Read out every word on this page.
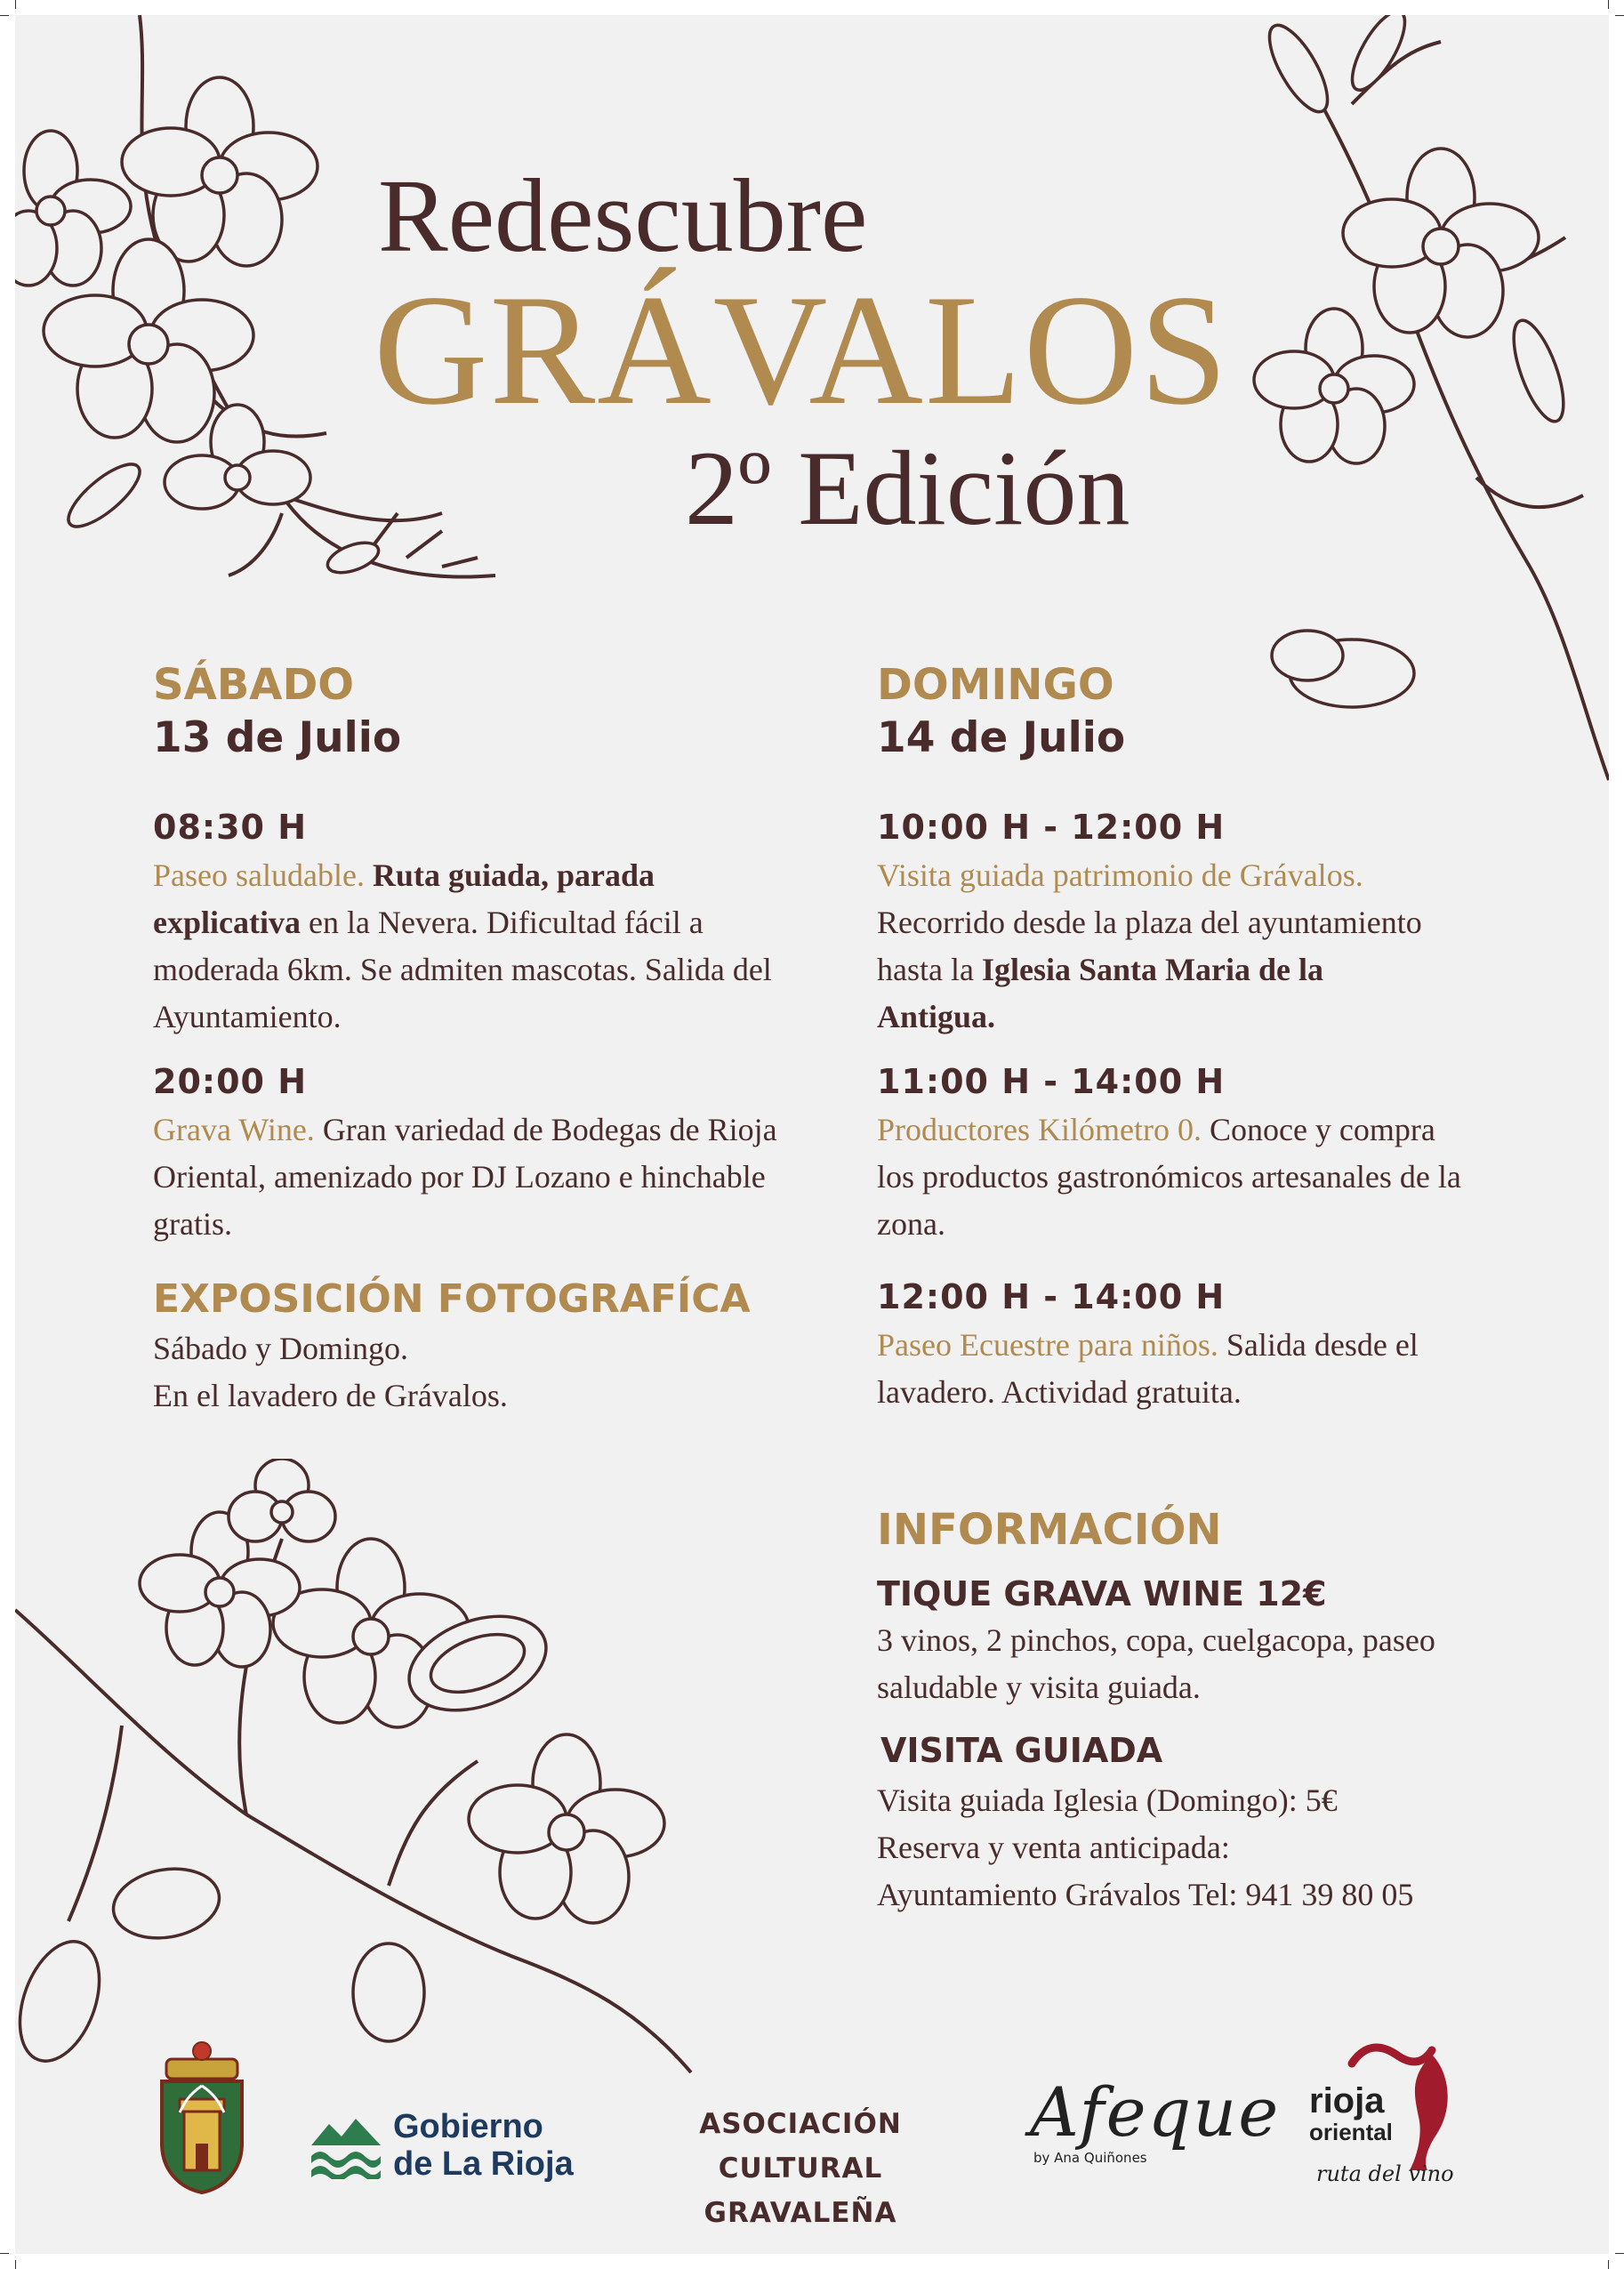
Redescubre
GRÁVALOS
2º Edición

SÁBADO

13 de Julio

08:30 H

Paseo saludable. Ruta guiada, parada explicativa en la Nevera. Dificultad fácil a moderada 6km. Se admiten mascotas. Salida del Ayuntamiento.

20:00 H

Grava Wine. Gran variedad de Bodegas de Rioja Oriental, amenizado por DJ Lozano e hinchable gratis.

EXPOSICIÓN FOTOGRAFÍCA

Sábado y Domingo.

En el lavadero de Grávalos.

DOMINGO

14 de Julio

10:00 H - 12:00 H

Visita guiada patrimonio de Grávalos.
Recorrido desde la plaza del ayuntamiento hasta la Iglesia Santa Maria de la Antigua.

11:00 H - 14:00 H

Productores Kilómetro 0. Conoce y compra los productos gastronómicos artesanales de la zona.

12:00 H - 14:00 H

Paseo Ecuestre para niños. Salida desde el lavadero. Actividad gratuita.

INFORMACIÓN

TIQUE GRAVA WINE 12€

3 vinos, 2 pinchos, copa, cuelgacopa, paseo saludable y visita guiada.

VISITA GUIADA

Visita guiada Iglesia (Domingo): 5€

Reserva y venta anticipada:

Ayuntamiento Grávalos Tel: 941 39 80 05

Gobierno
de La Rioja
ASOCIACIÓN CULTURAL
GRAVALEÑA
Afeque
by Ana Quiñones
rioja
oriental
ruta del vino
